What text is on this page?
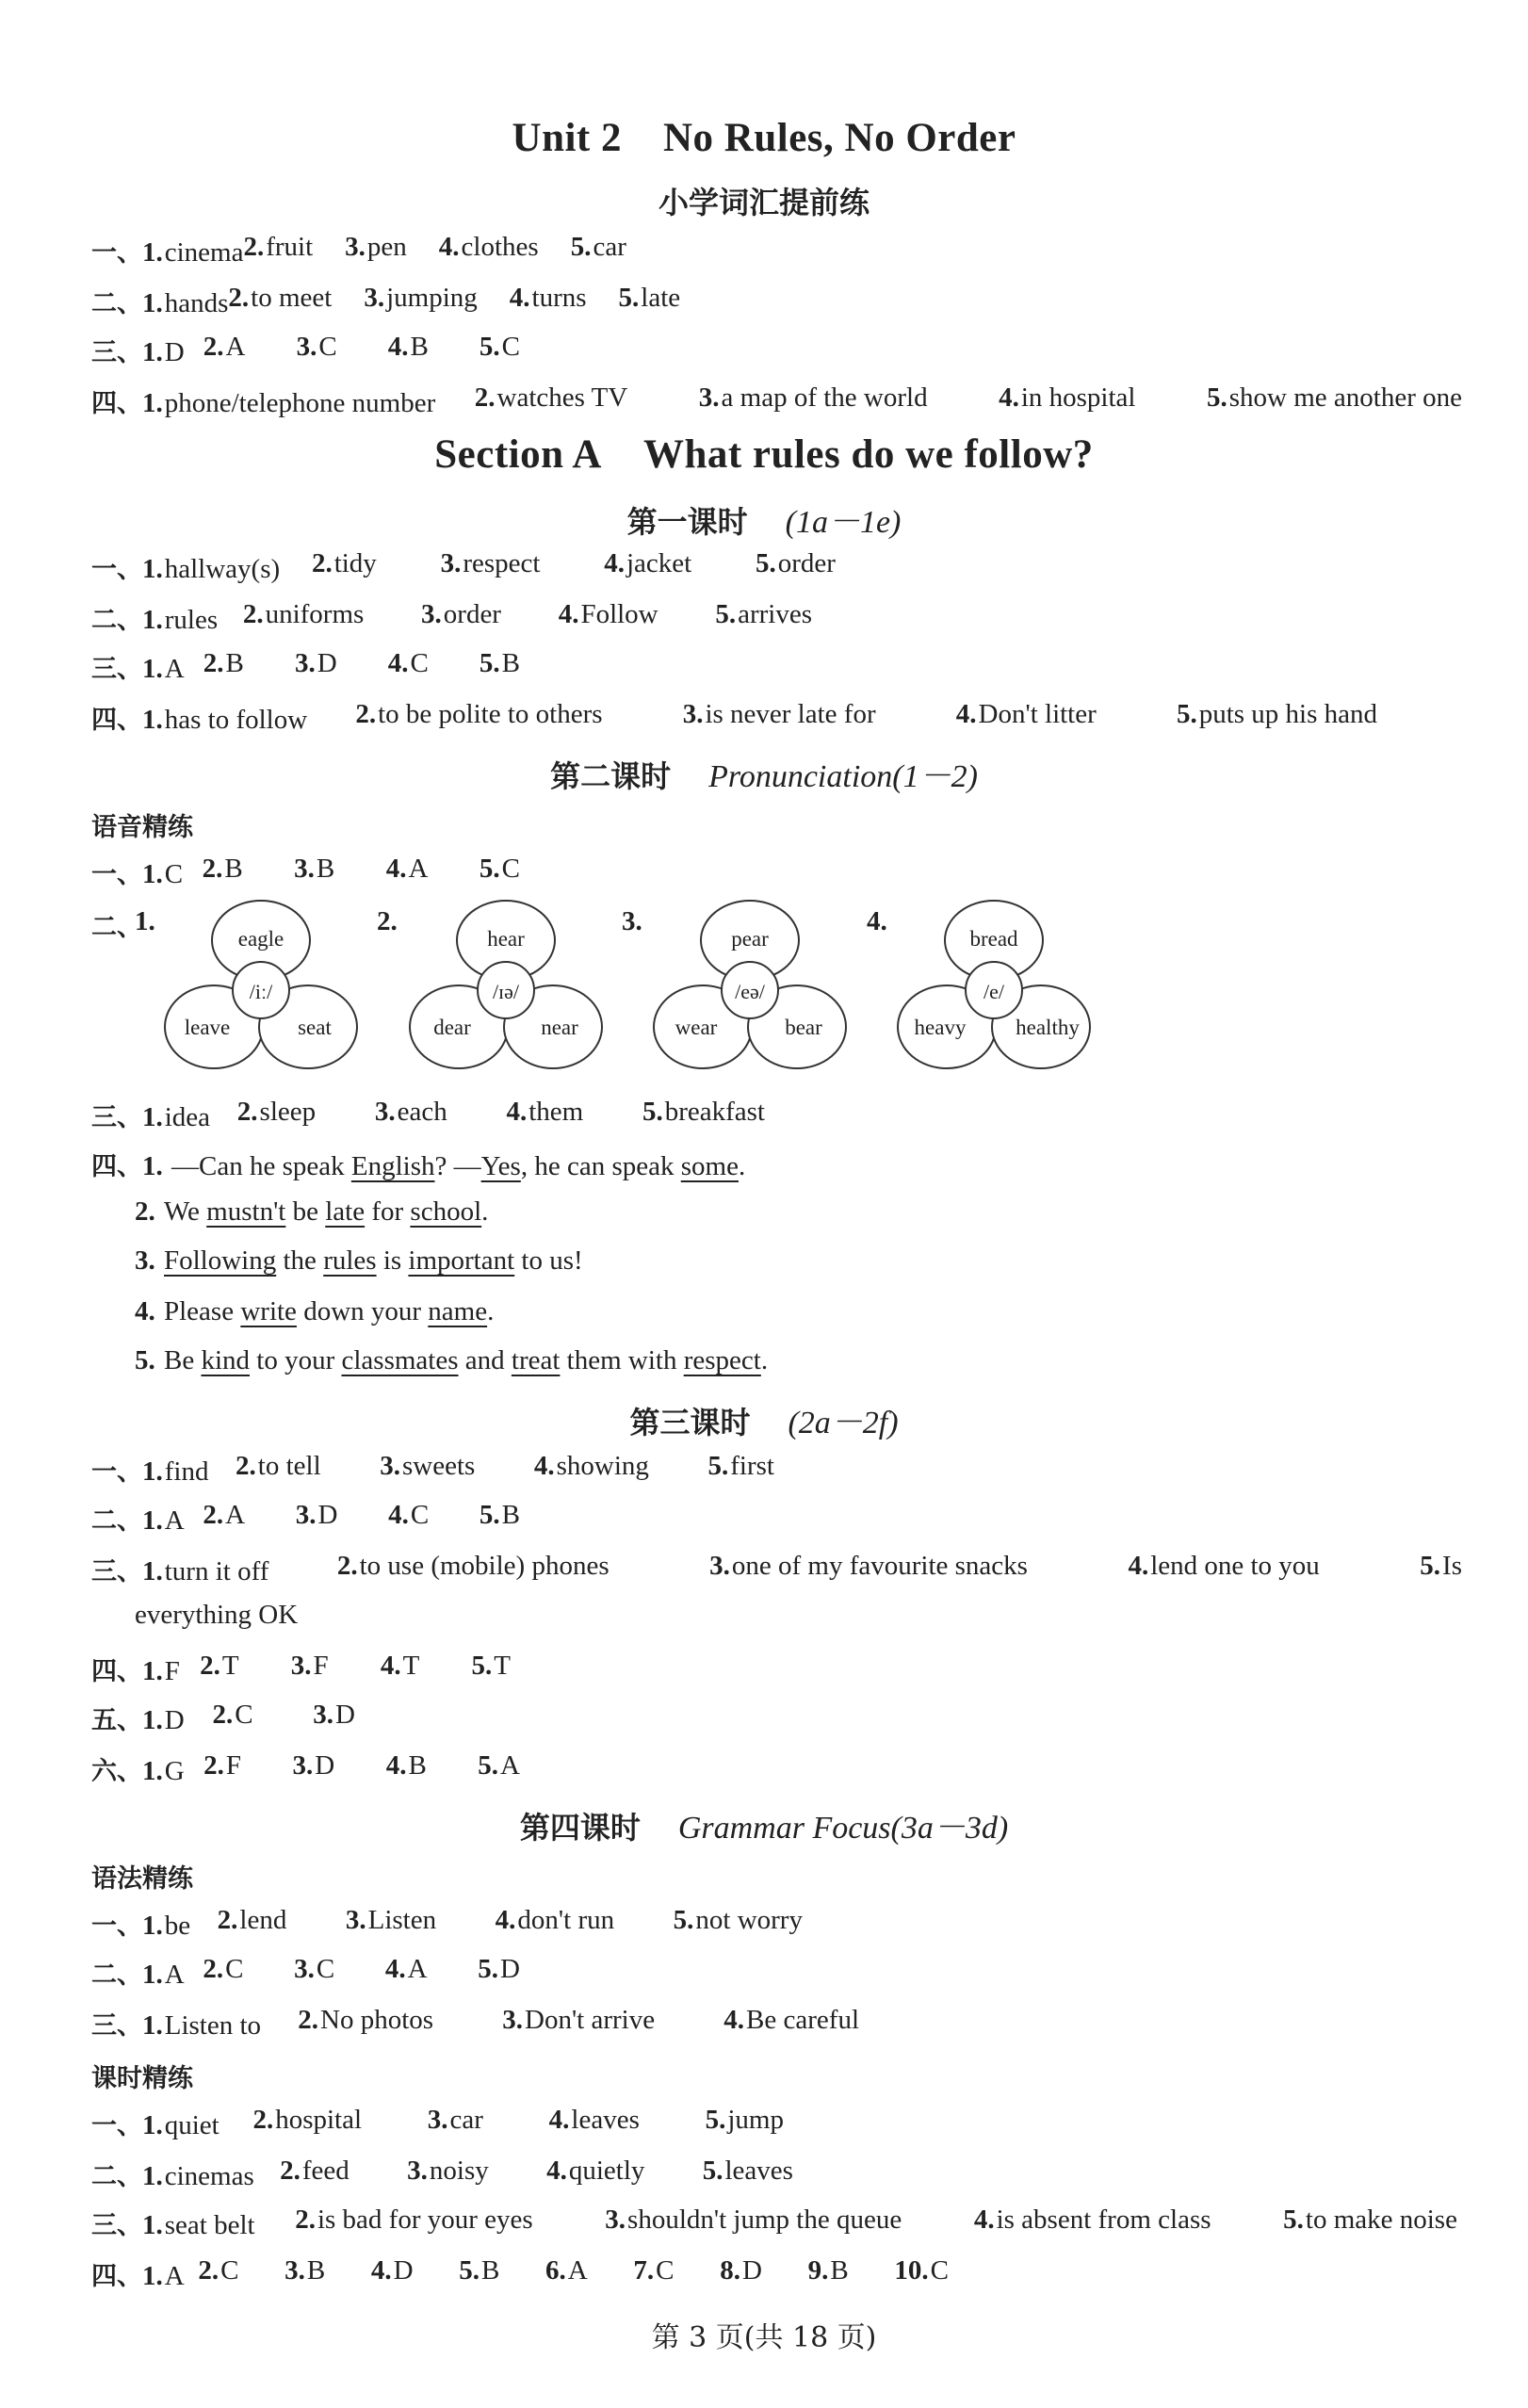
Unit 2 No Rules, No Order
小学词汇提前练
一、1.cinema 2.fruit 3.pen 4.clothes 5.car
二、1.hands 2.to meet 3.jumping 4.turns 5.late
三、1.D 2.A 3.C 4.B 5.C
四、1.phone/telephone number 2.watches TV	3.a map of the world	4.in hospital	5.show me another one
Section A What rules do we follow?
第一课时 (1a－1e)
一、1.hallway(s) 2.tidy 3.respect 4.jacket 5.order
二、1.rules 2.uniforms 3.order 4.Follow 5.arrives
三、1.A 2.B 3.D 4.C 5.B
四、1.has to follow 2.to be polite to others	3.is never late for	4.Don't litter	5.puts up his hand
第二课时 Pronunciation(1－2)
语音精练
一、1.C 2.B 3.B 4.A 5.C
二、
1.	2.	3.	4.
eagle
/iː/
leave	seat
hear
/ɪə/
dear	near
pear
/eə/
wear	bear
bread
/e/
heavy healthy
三、1.idea 2.sleep 3.each 4.them 5.breakfast
四、1. —Can he speak English? —Yes, he can speak some.
2. We mustn't be late for school.
3. Following the rules is important to us!
4. Please write down your name.
5. Be kind to your classmates and treat them with respect.
第三课时 (2a－2f)
一、1.find 2.to tell 3.sweets 4.showing 5.first
二、1.A 2.A 3.D 4.C 5.B
三、1.turn it off	2.to use (mobile) phones	3.one of my favourite snacks	4.lend one to you	5.Is
everything OK
四、1.F 2.T 3.F 4.T 5.T
五、1.D 2.C 3.D
六、1.G 2.F 3.D 4.B 5.A
第四课时 Grammar Focus(3a－3d)
语法精练
一、1.be 2.lend 3.Listen 4.don't run 5.not worry
二、1.A 2.C 3.C 4.A 5.D
三、1.Listen to 2.No photos	3.Don't arrive	4.Be careful
课时精练
一、1.quiet 2.hospital 3.car 4.leaves 5.jump
二、1.cinemas 2.feed 3.noisy 4.quietly 5.leaves
三、1.seat belt 2.is bad for your eyes	3.shouldn't jump the queue	4.is absent from class	5.to make noise
四、1.A 2.C 3.B 4.D 5.B 6.A 7.C 8.D 9.B 10.C
第 3 页(共 18 页)
